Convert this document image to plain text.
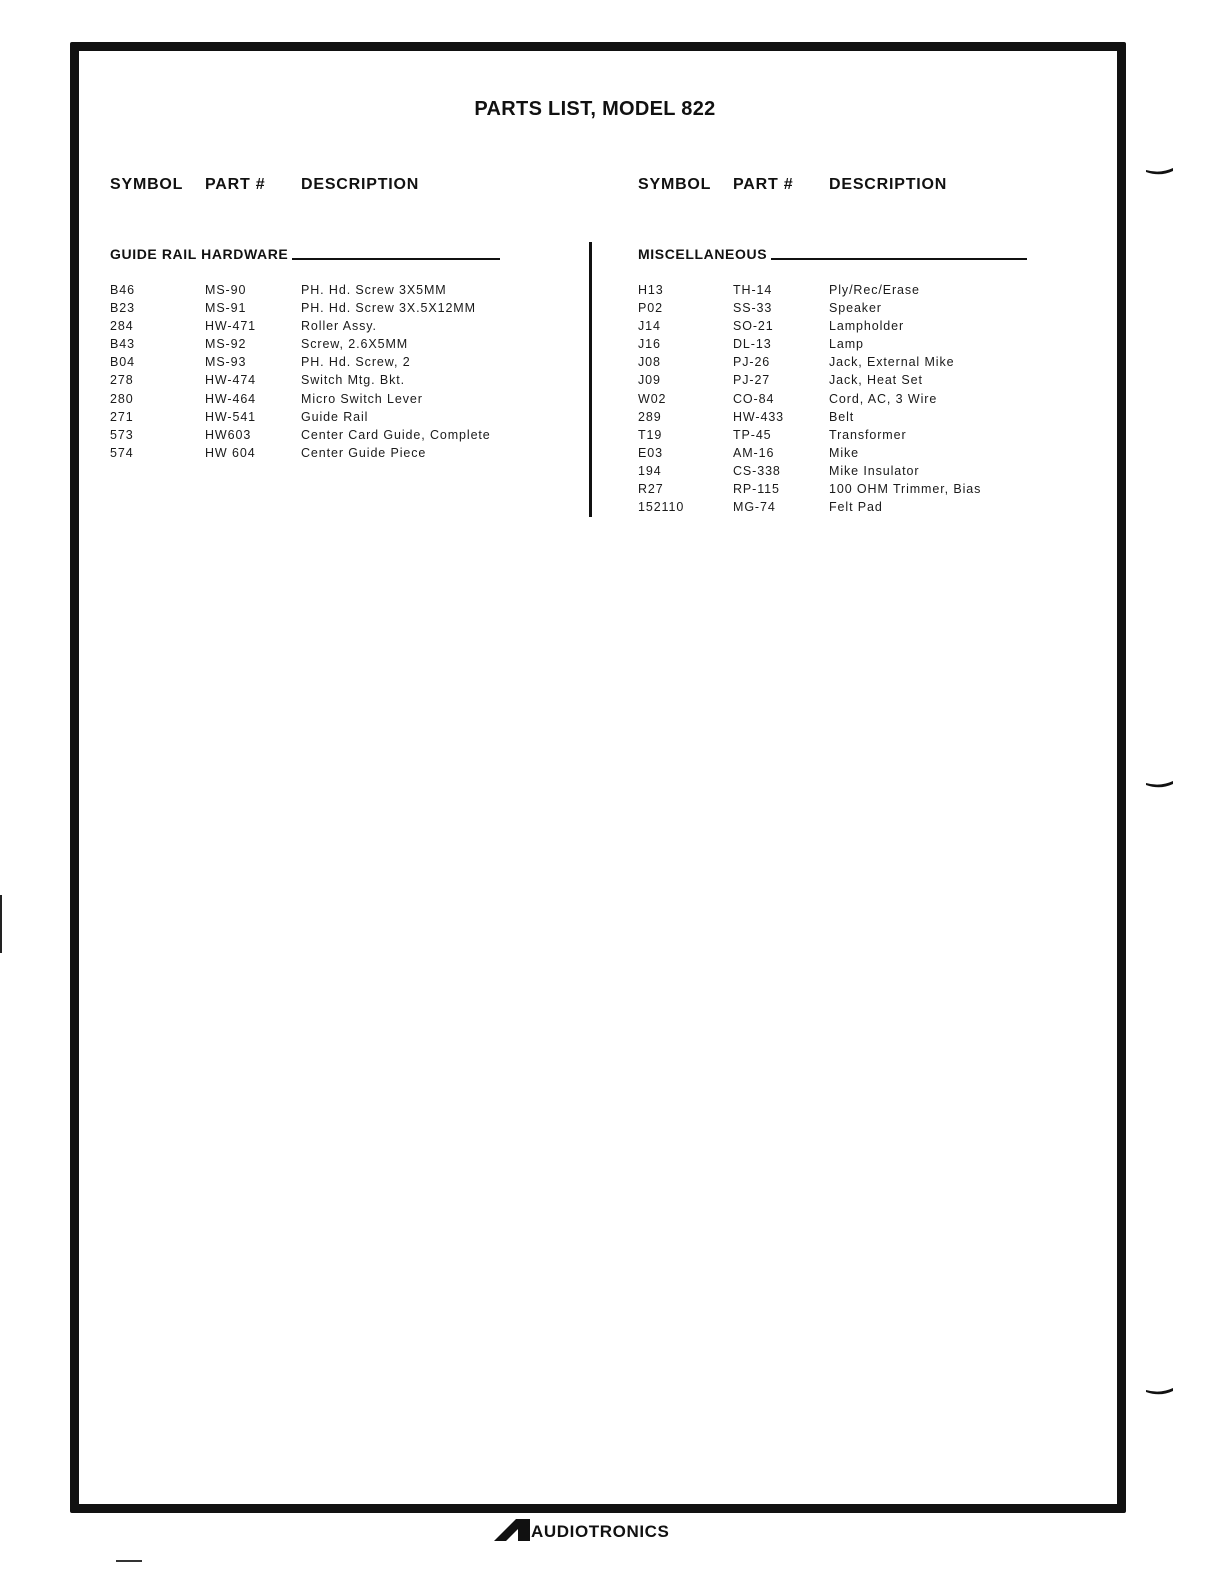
PARTS LIST, MODEL 822
SYMBOL PART # DESCRIPTION
GUIDE RAIL HARDWARE
B46	MS-90	PH. Hd. Screw 3X5MM
B23	MS-91	PH. Hd. Screw 3X.5X12MM
284	HW-471	Roller Assy.
B43	MS-92	Screw, 2.6X5MM
B04	MS-93	PH. Hd. Screw, 2
278	HW-474	Switch Mtg. Bkt.
280	HW-464	Micro Switch Lever
271	HW-541	Guide Rail
573	HW603	Center Card Guide, Complete
574	HW 604	Center Guide Piece
SYMBOL PART # DESCRIPTION
MISCELLANEOUS
H13	TH-14	Ply/Rec/Erase
P02	SS-33	Speaker
J14	SO-21	Lampholder
J16	DL-13	Lamp
J08	PJ-26	Jack, External Mike
J09	PJ-27	Jack, Heat Set
W02	CO-84	Cord, AC, 3 Wire
289	HW-433	Belt
T19	TP-45	Transformer
E03	AM-16	Mike
194	CS-338	Mike Insulator
R27	RP-115	100 OHM Trimmer, Bias
152110	MG-74	Felt Pad
AUDIOTRONICS
